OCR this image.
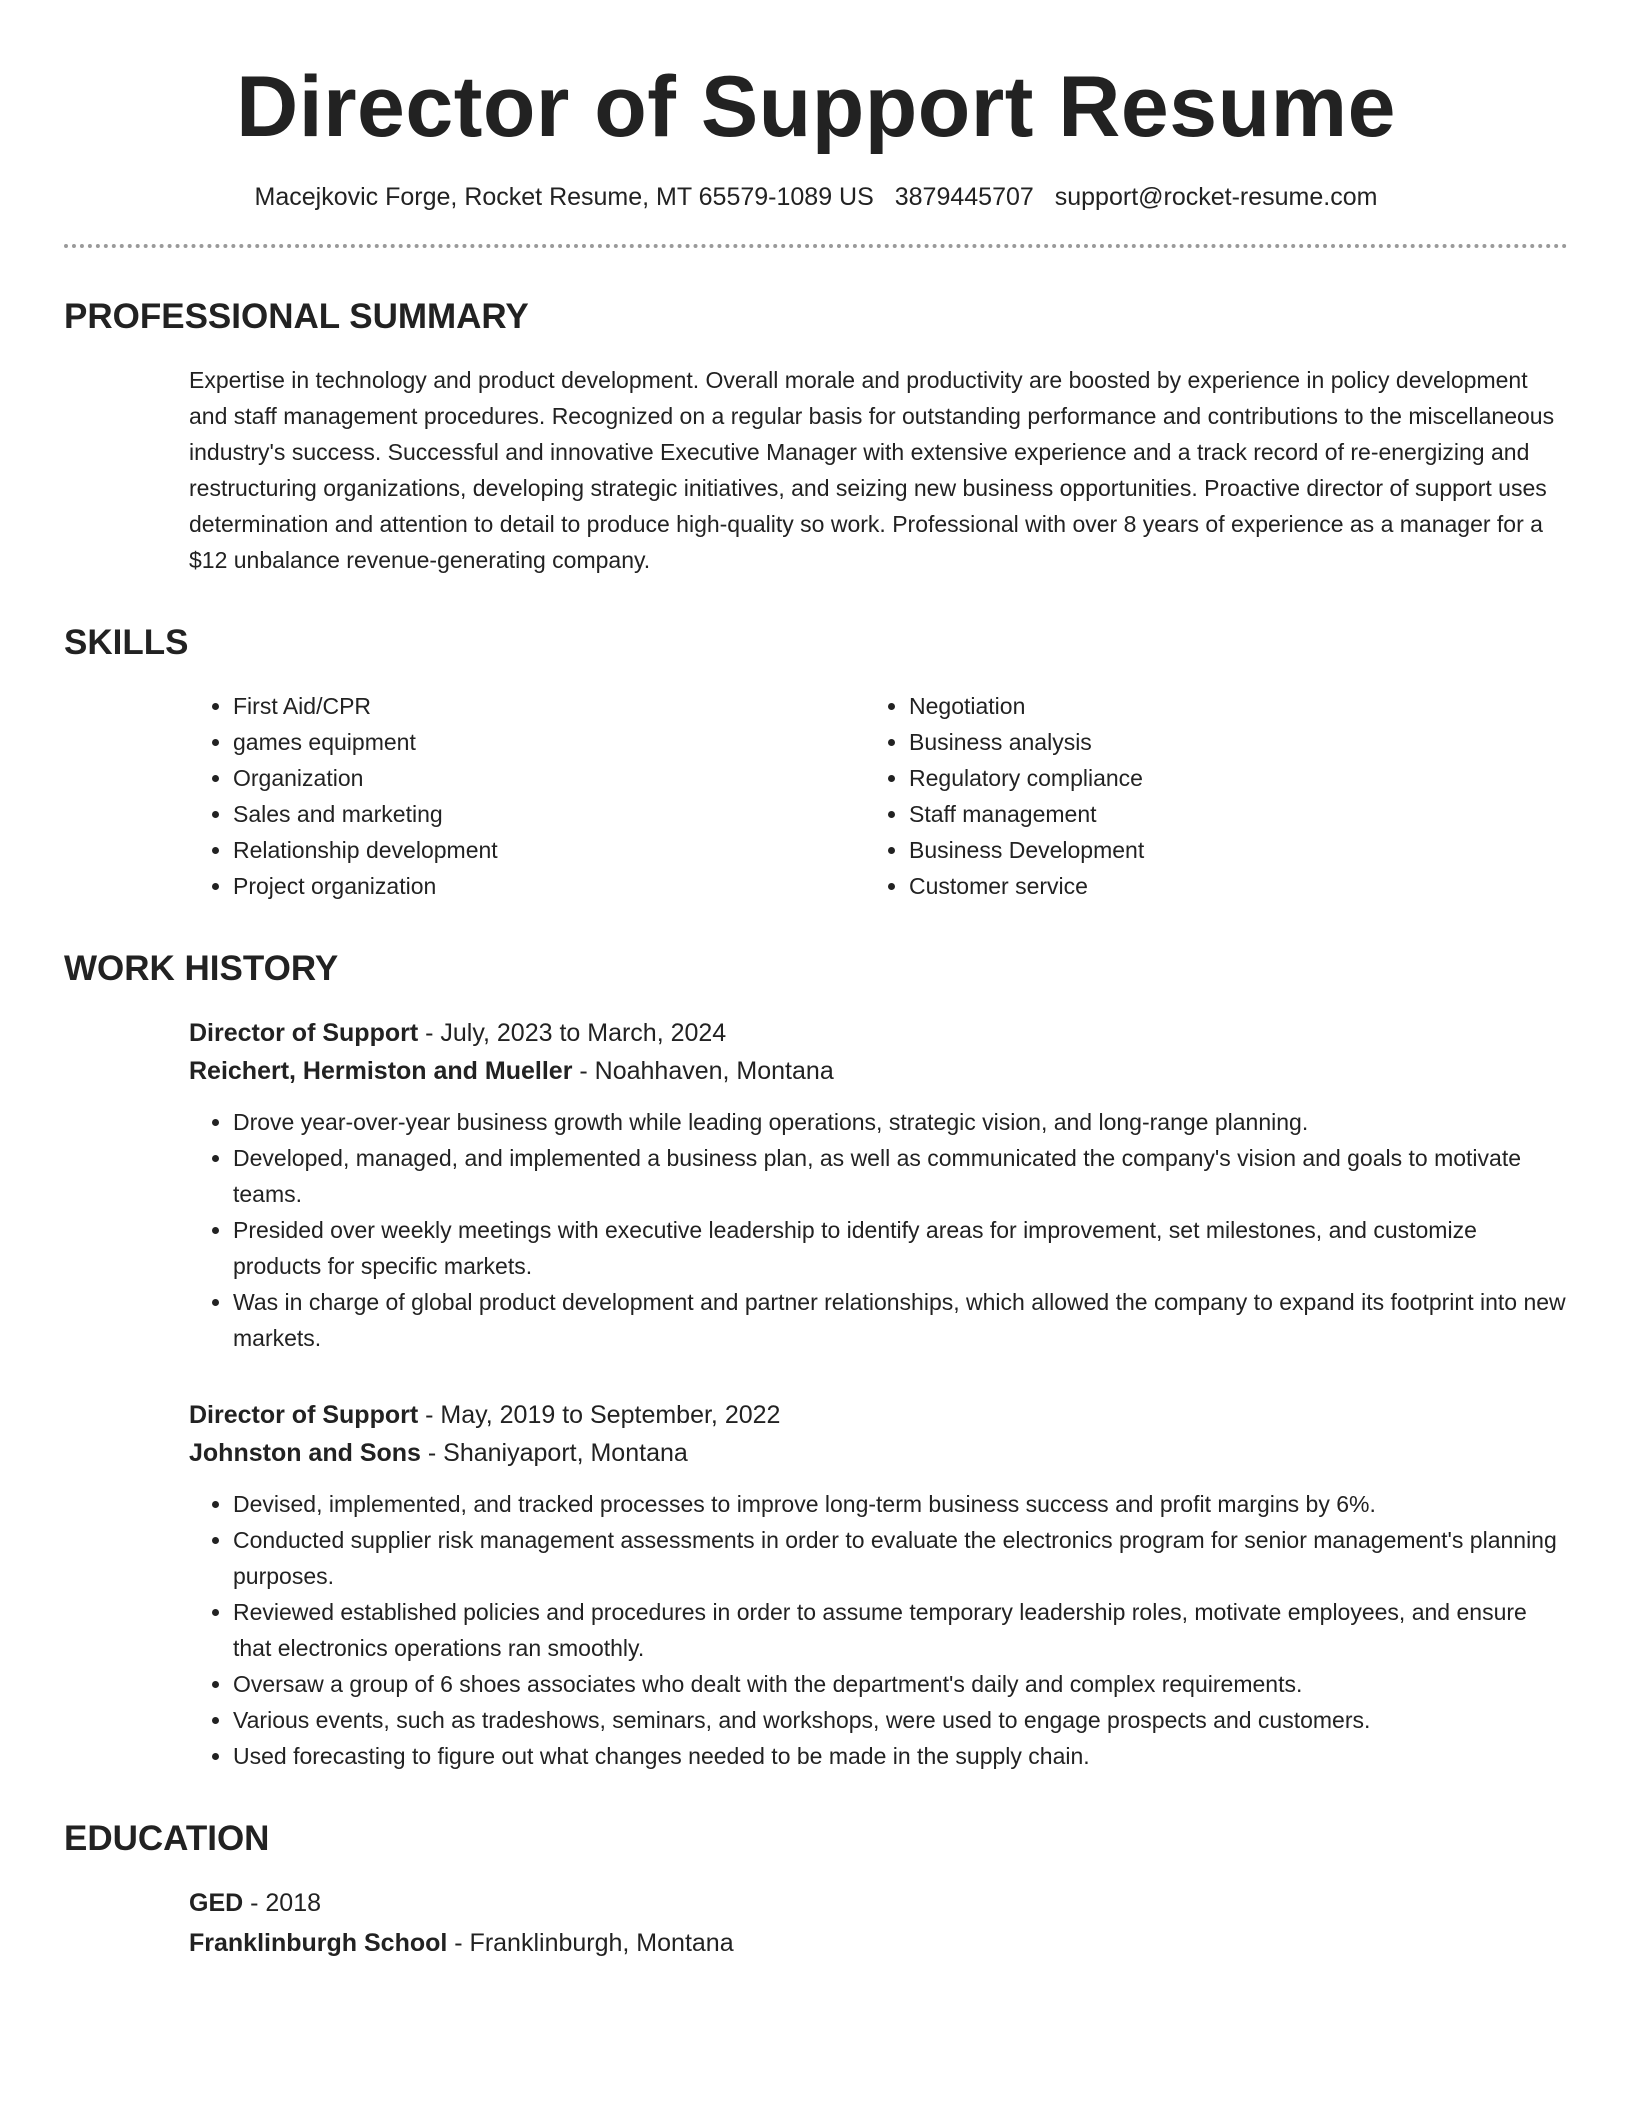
Director of Support Resume
Macejkovic Forge, Rocket Resume, MT 65579-1089 US 3879445707 support@rocket-resume.com
PROFESSIONAL SUMMARY

Expertise in technology and product development. Overall morale and productivity are boosted by experience in policy development and staff management procedures. Recognized on a regular basis for outstanding performance and contributions to the miscellaneous industry's success. Successful and innovative Executive Manager with extensive experience and a track record of re-energizing and restructuring organizations, developing strategic initiatives, and seizing new business opportunities. Proactive director of support uses determination and attention to detail to produce high-quality so work. Professional with over 8 years of experience as a manager for a $12 unbalance revenue-generating company.

SKILLS
• First Aid/CPR
• games equipment
• Organization
• Sales and marketing
• Relationship development
• Project organization
• Negotiation
• Business analysis
• Regulatory compliance
• Staff management
• Business Development
• Customer service
WORK HISTORY
Director of Support - July, 2023 to March, 2024
Reichert, Hermiston and Mueller - Noahhaven, Montana
• Drove year-over-year business growth while leading operations, strategic vision, and long-range planning.
• Developed, managed, and implemented a business plan, as well as communicated the company's vision and goals to motivate teams.
• Presided over weekly meetings with executive leadership to identify areas for improvement, set milestones, and customize products for specific markets.
• Was in charge of global product development and partner relationships, which allowed the company to expand its footprint into new markets.
Director of Support - May, 2019 to September, 2022
Johnston and Sons - Shaniyaport, Montana
• Devised, implemented, and tracked processes to improve long-term business success and profit margins by 6%.
• Conducted supplier risk management assessments in order to evaluate the electronics program for senior management's planning purposes.
• Reviewed established policies and procedures in order to assume temporary leadership roles, motivate employees, and ensure that electronics operations ran smoothly.
• Oversaw a group of 6 shoes associates who dealt with the department's daily and complex requirements.
• Various events, such as tradeshows, seminars, and workshops, were used to engage prospects and customers.
• Used forecasting to figure out what changes needed to be made in the supply chain.
EDUCATION
GED - 2018
Franklinburgh School - Franklinburgh, Montana
